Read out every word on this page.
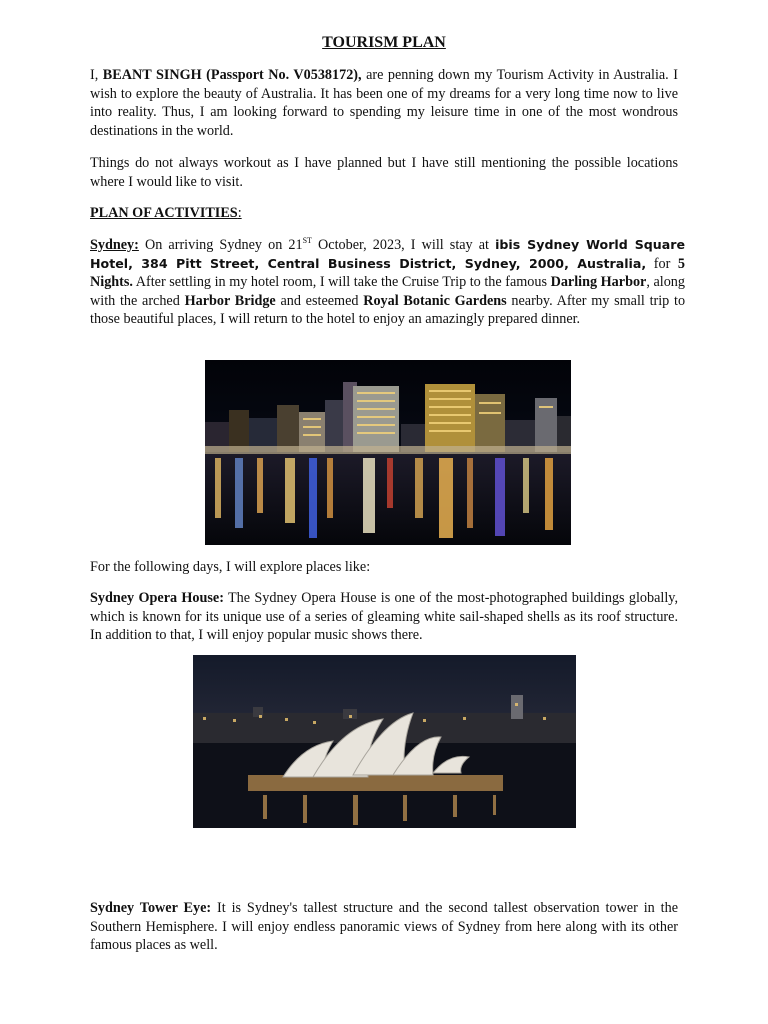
TOURISM PLAN

I, BEANT SINGH (Passport No. V0538172), are penning down my Tourism Activity in Australia. I wish to explore the beauty of Australia. It has been one of my dreams for a very long time now to live into reality. Thus, I am looking forward to spending my leisure time in one of the most wondrous destinations in the world.

Things do not always workout as I have planned but I have still mentioning the possible locations where I would like to visit.

PLAN OF ACTIVITIES:

Sydney: On arriving Sydney on 21ST October, 2023, I will stay at ibis Sydney World Square Hotel, 384 Pitt Street, Central Business District, Sydney, 2000, Australia, for 5 Nights. After settling in my hotel room, I will take the Cruise Trip to the famous Darling Harbor, along with the arched Harbor Bridge and esteemed Royal Botanic Gardens nearby. After my small trip to those beautiful places, I will return to the hotel to enjoy an amazingly prepared dinner.

For the following days, I will explore places like:

Sydney Opera House: The Sydney Opera House is one of the most-photographed buildings globally, which is known for its unique use of a series of gleaming white sail-shaped shells as its roof structure. In addition to that, I will enjoy popular music shows there.

Sydney Tower Eye: It is Sydney's tallest structure and the second tallest observation tower in the Southern Hemisphere. I will enjoy endless panoramic views of Sydney from here along with its other famous places as well.
